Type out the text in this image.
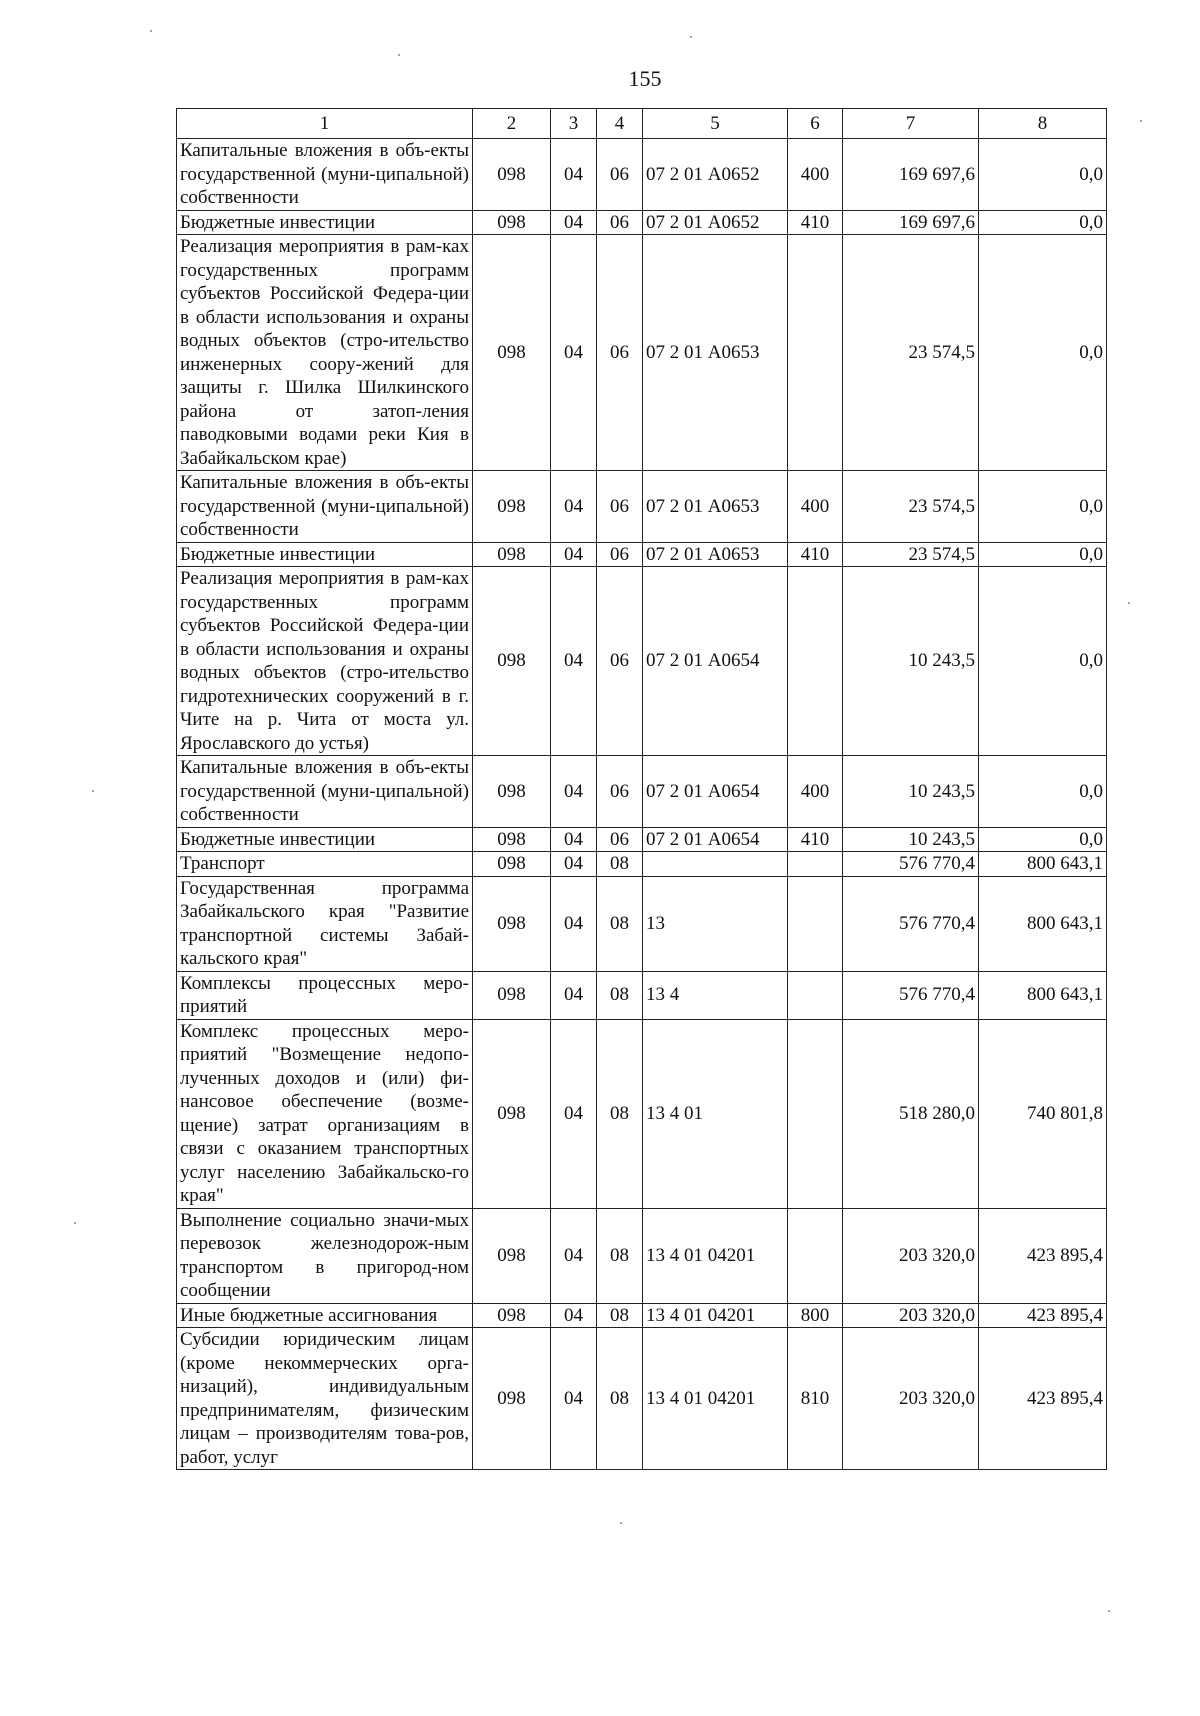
155
1	2	3	4	5	6	7	8
Капитальные вложения в объ-екты государственной (муни-ципальной) собственности	098	04	06	07 2 01 А0652	400	169 697,6	0,0
Бюджетные инвестиции	098	04	06	07 2 01 А0652	410	169 697,6	0,0
Реализация мероприятия в рам-ках государственных программ субъектов Российской Федера-ции в области использования и охраны водных объектов (стро-ительство инженерных соору-жений для защиты г. Шилка Шилкинского района от затоп-ления паводковыми водами реки Кия в Забайкальском крае)	098	04	06	07 2 01 А0653		23 574,5	0,0
Капитальные вложения в объ-екты государственной (муни-ципальной) собственности	098	04	06	07 2 01 А0653	400	23 574,5	0,0
Бюджетные инвестиции	098	04	06	07 2 01 А0653	410	23 574,5	0,0
Реализация мероприятия в рам-ках государственных программ субъектов Российской Федера-ции в области использования и охраны водных объектов (стро-ительство гидротехнических сооружений в г. Чите на р. Чита от моста ул. Ярославского до устья)	098	04	06	07 2 01 А0654		10 243,5	0,0
Капитальные вложения в объ-екты государственной (муни-ципальной) собственности	098	04	06	07 2 01 А0654	400	10 243,5	0,0
Бюджетные инвестиции	098	04	06	07 2 01 А0654	410	10 243,5	0,0
Транспорт	098	04	08			576 770,4	800 643,1
Государственная программа Забайкальского края "Развитие транспортной системы Забай-кальского края"	098	04	08	13		576 770,4	800 643,1
Комплексы процессных меро-приятий	098	04	08	13 4		576 770,4	800 643,1
Комплекс процессных меро-приятий "Возмещение недопо-лученных доходов и (или) фи-нансовое обеспечение (возме-щение) затрат организациям в связи с оказанием транспортных услуг населению Забайкальско-го края"	098	04	08	13 4 01		518 280,0	740 801,8
Выполнение социально значи-мых перевозок железнодорож-ным транспортом в пригород-ном сообщении	098	04	08	13 4 01 04201		203 320,0	423 895,4
Иные бюджетные ассигнования	098	04	08	13 4 01 04201	800	203 320,0	423 895,4
Субсидии юридическим лицам (кроме некоммерческих орга-низаций), индивидуальным предпринимателям, физическим лицам – производителям това-ров, работ, услуг	098	04	08	13 4 01 04201	810	203 320,0	423 895,4
